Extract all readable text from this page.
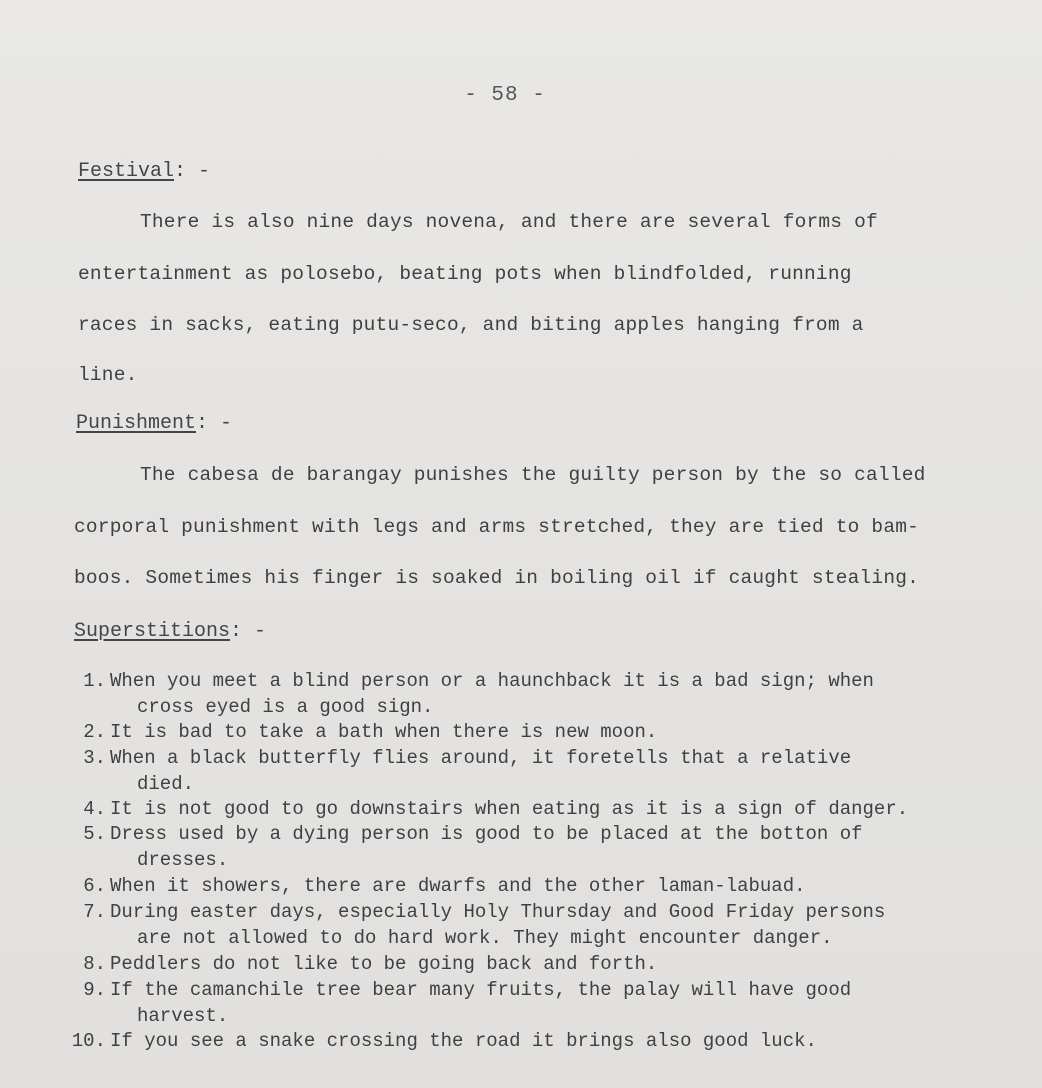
- 58 -
Festival: -
There is also nine days novena, and there are several forms of
entertainment as polosebo, beating pots when blindfolded, running
races in sacks, eating putu-seco, and biting apples hanging from a
line.
Punishment: -
The cabesa de barangay punishes the guilty person by the so called
corporal punishment with legs and arms stretched, they are tied to bam-
boos. Sometimes his finger is soaked in boiling oil if caught stealing.
Superstitions: -
1. When you meet a blind person or a haunchback it is a bad sign; when
cross eyed is a good sign.
2. It is bad to take a bath when there is new moon.
3. When a black butterfly flies around, it foretells that a relative
died.
4. It is not good to go downstairs when eating as it is a sign of danger.
5. Dress used by a dying person is good to be placed at the botton of
dresses.
6. When it showers, there are dwarfs and the other laman-labuad.
7. During easter days, especially Holy Thursday and Good Friday persons
are not allowed to do hard work. They might encounter danger.
8. Peddlers do not like to be going back and forth.
9. If the camanchile tree bear many fruits, the palay will have good
harvest.
10. If you see a snake crossing the road it brings also good luck.
